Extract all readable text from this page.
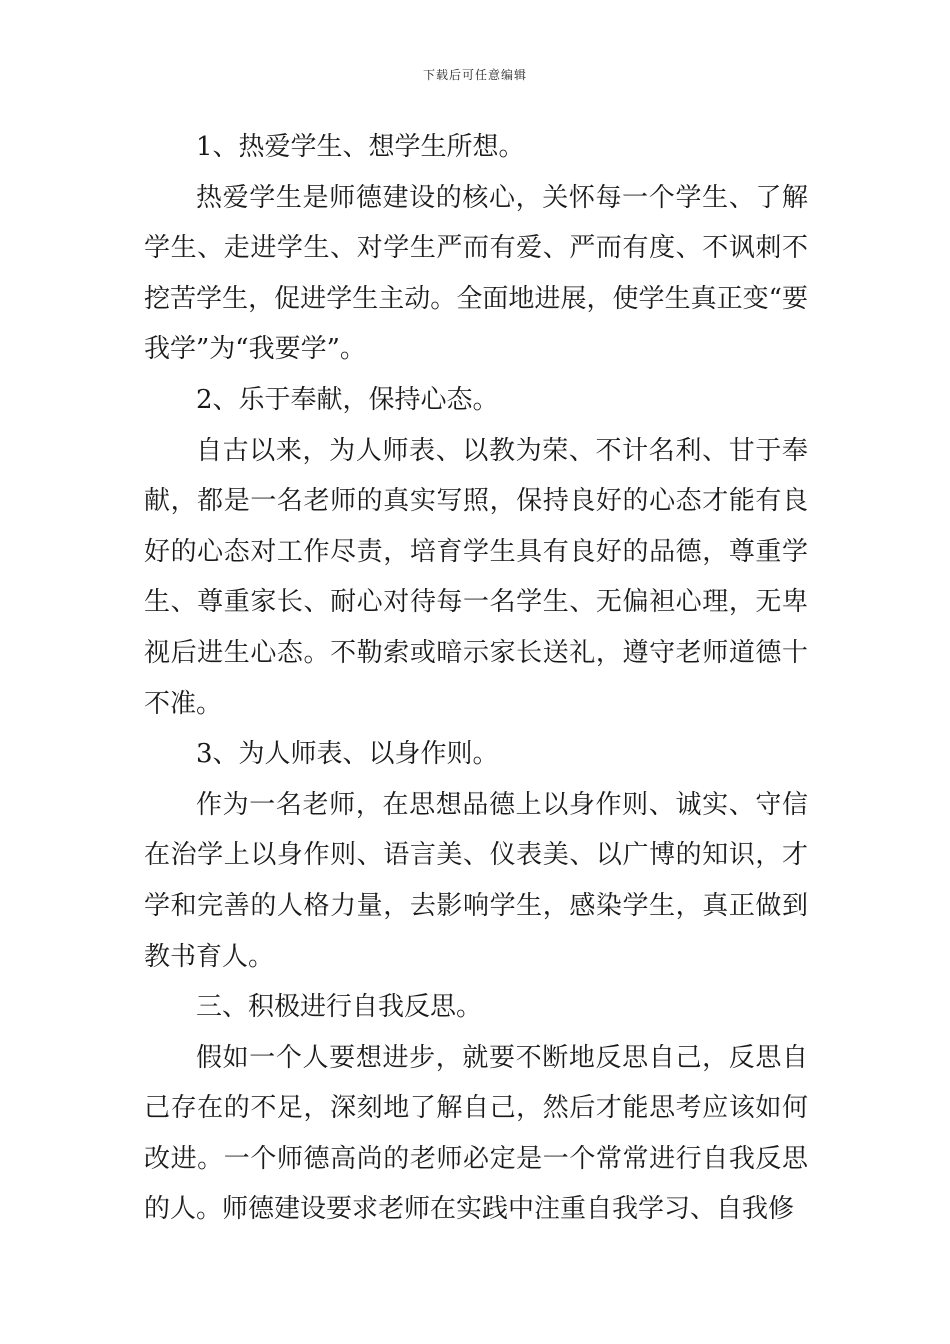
下载后可任意编辑

1、热爱学生、想学生所想。

热爱学生是师德建设的核心，关怀每一个学生、了解学生、走进学生、对学生严而有爱、严而有度、不讽刺不挖苦学生，促进学生主动。全面地进展，使学生真正变“要我学”为“我要学”。

2、乐于奉献，保持心态。

自古以来，为人师表、以教为荣、不计名利、甘于奉献，都是一名老师的真实写照，保持良好的心态才能有良好的心态对工作尽责，培育学生具有良好的品德，尊重学生、尊重家长、耐心对待每一名学生、无偏袒心理，无卑视后进生心态。不勒索或暗示家长送礼，遵守老师道德十不准。

3、为人师表、以身作则。

作为一名老师，在思想品德上以身作则、诚实、守信在治学上以身作则、语言美、仪表美、以广博的知识，才学和完善的人格力量，去影响学生，感染学生，真正做到教书育人。

三、积极进行自我反思。

假如一个人要想进步，就要不断地反思自己，反思自己存在的不足，深刻地了解自己，然后才能思考应该如何改进。一个师德高尚的老师必定是一个常常进行自我反思的人。师德建设要求老师在实践中注重自我学习、自我修
